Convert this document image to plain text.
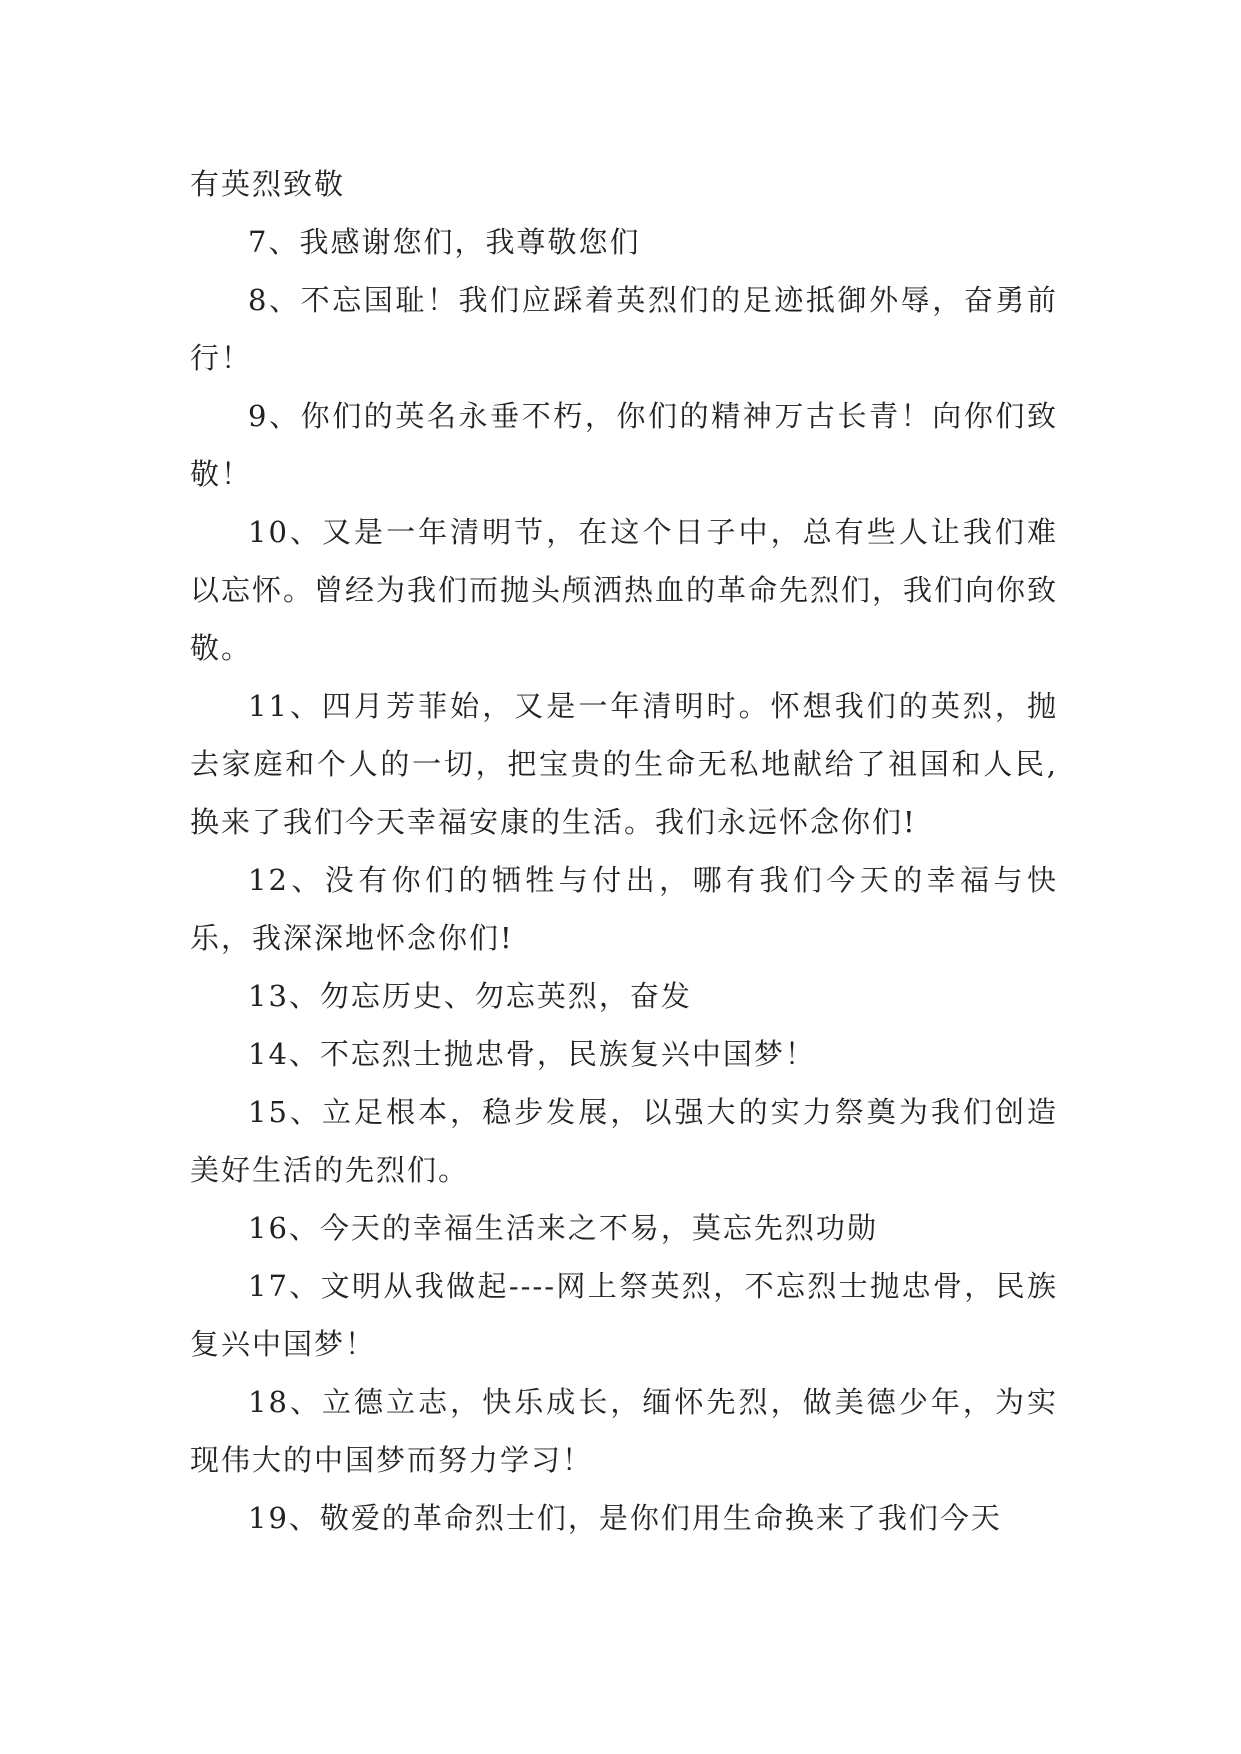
有英烈致敬

7、我感谢您们，我尊敬您们

8、不忘国耻！我们应踩着英烈们的足迹抵御外辱，奋勇前行！

9、你们的英名永垂不朽，你们的精神万古长青！向你们致敬！

10、又是一年清明节，在这个日子中，总有些人让我们难以忘怀。曾经为我们而抛头颅洒热血的革命先烈们，我们向你致敬。

11、四月芳菲始，又是一年清明时。怀想我们的英烈，抛去家庭和个人的一切，把宝贵的生命无私地献给了祖国和人民,换来了我们今天幸福安康的生活。我们永远怀念你们!

12、没有你们的牺牲与付出，哪有我们今天的幸福与快乐，我深深地怀念你们!

13、勿忘历史、勿忘英烈，奋发

14、不忘烈士抛忠骨，民族复兴中国梦！

15、立足根本，稳步发展，以强大的实力祭奠为我们创造美好生活的先烈们。

16、今天的幸福生活来之不易，莫忘先烈功勋

17、文明从我做起----网上祭英烈，不忘烈士抛忠骨，民族复兴中国梦！

18、立德立志，快乐成长，缅怀先烈，做美德少年，为实现伟大的中国梦而努力学习！

19、敬爱的革命烈士们，是你们用生命换来了我们今天
